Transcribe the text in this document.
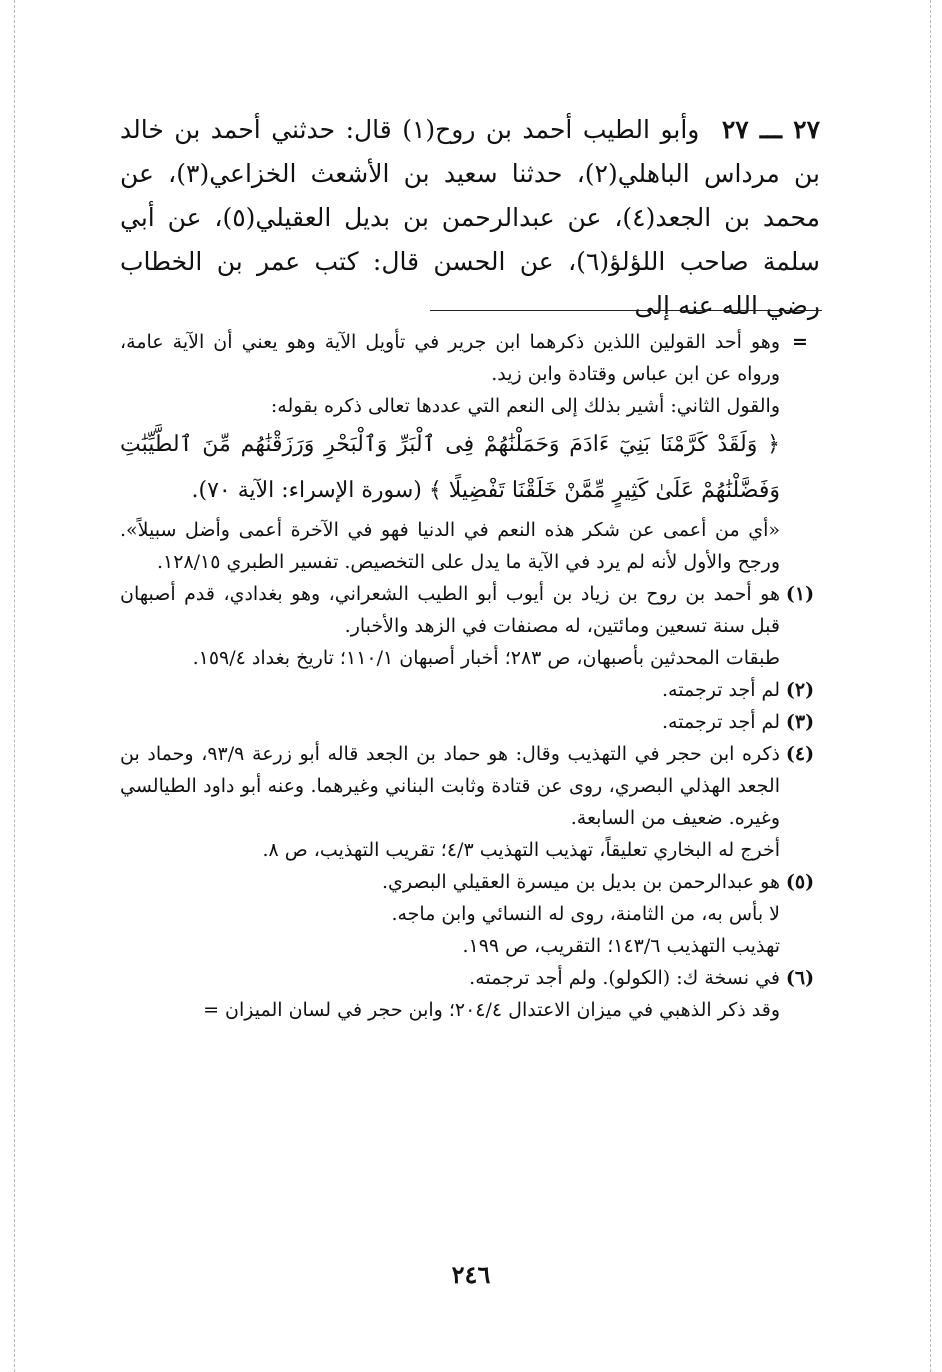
٢٧ ـــ ٢٧ وأبو الطيب أحمد بن روح(١) قال: حدثني أحمد بن خالد بن مرداس الباهلي(٢)، حدثنا سعيد بن الأشعث الخزاعي(٣)، عن محمد بن الجعد(٤)، عن عبدالرحمن بن بديل العقيلي(٥)، عن أبي سلمة صاحب اللؤلؤ(٦)، عن الحسن قال: كتب عمر بن الخطاب رضي الله عنه إلى

=

وهو أحد القولين اللذين ذكرهما ابن جرير في تأويل الآية وهو يعني أن الآية عامة، ورواه عن ابن عباس وقتادة وابن زيد.

والقول الثاني: أشير بذلك إلى النعم التي عددها تعالى ذكره بقوله:

﴿ وَلَقَدْ كَرَّمْنَا بَنِيٓ ءَادَمَ وَحَمَلْنَٰهُمْ فِى ٱلْبَرِّ وَٱلْبَحْرِ وَرَزَقْنَٰهُم مِّنَ ٱلطَّيِّبَٰتِ وَفَضَّلْنَٰهُمْ عَلَىٰ كَثِيرٍ مِّمَّنْ خَلَقْنَا تَفْضِيلًا ﴾ (سورة الإسراء: الآية ٧٠).

«أي من أعمى عن شكر هذه النعم في الدنيا فهو في الآخرة أعمى وأضل سبيلاً». ورجح والأول لأنه لم يرد في الآية ما يدل على التخصيص. تفسير الطبري ١٢٨/١٥.

(١)

هو أحمد بن روح بن زياد بن أيوب أبو الطيب الشعراني، وهو بغدادي، قدم أصبهان قبل سنة تسعين ومائتين، له مصنفات في الزهد والأخبار.

طبقات المحدثين بأصبهان، ص ٢٨٣؛ أخبار أصبهان ١١٠/١؛ تاريخ بغداد ١٥٩/٤.

(٢)

لم أجد ترجمته.

(٣)

لم أجد ترجمته.

(٤)

ذكره ابن حجر في التهذيب وقال: هو حماد بن الجعد قاله أبو زرعة ٩٣/٩، وحماد بن الجعد الهذلي البصري، روى عن قتادة وثابت البناني وغيرهما. وعنه أبو داود الطيالسي وغيره. ضعيف من السابعة.

أخرج له البخاري تعليقاً، تهذيب التهذيب ٤/٣؛ تقريب التهذيب، ص ٨.

(٥)

هو عبدالرحمن بن بديل بن ميسرة العقيلي البصري.

لا بأس به، من الثامنة، روى له النسائي وابن ماجه.

تهذيب التهذيب ١٤٣/٦؛ التقريب، ص ١٩٩.

(٦)

في نسخة ك: (الكولو). ولم أجد ترجمته.

وقد ذكر الذهبي في ميزان الاعتدال ٢٠٤/٤؛ وابن حجر في لسان الميزان =

٢٤٦
